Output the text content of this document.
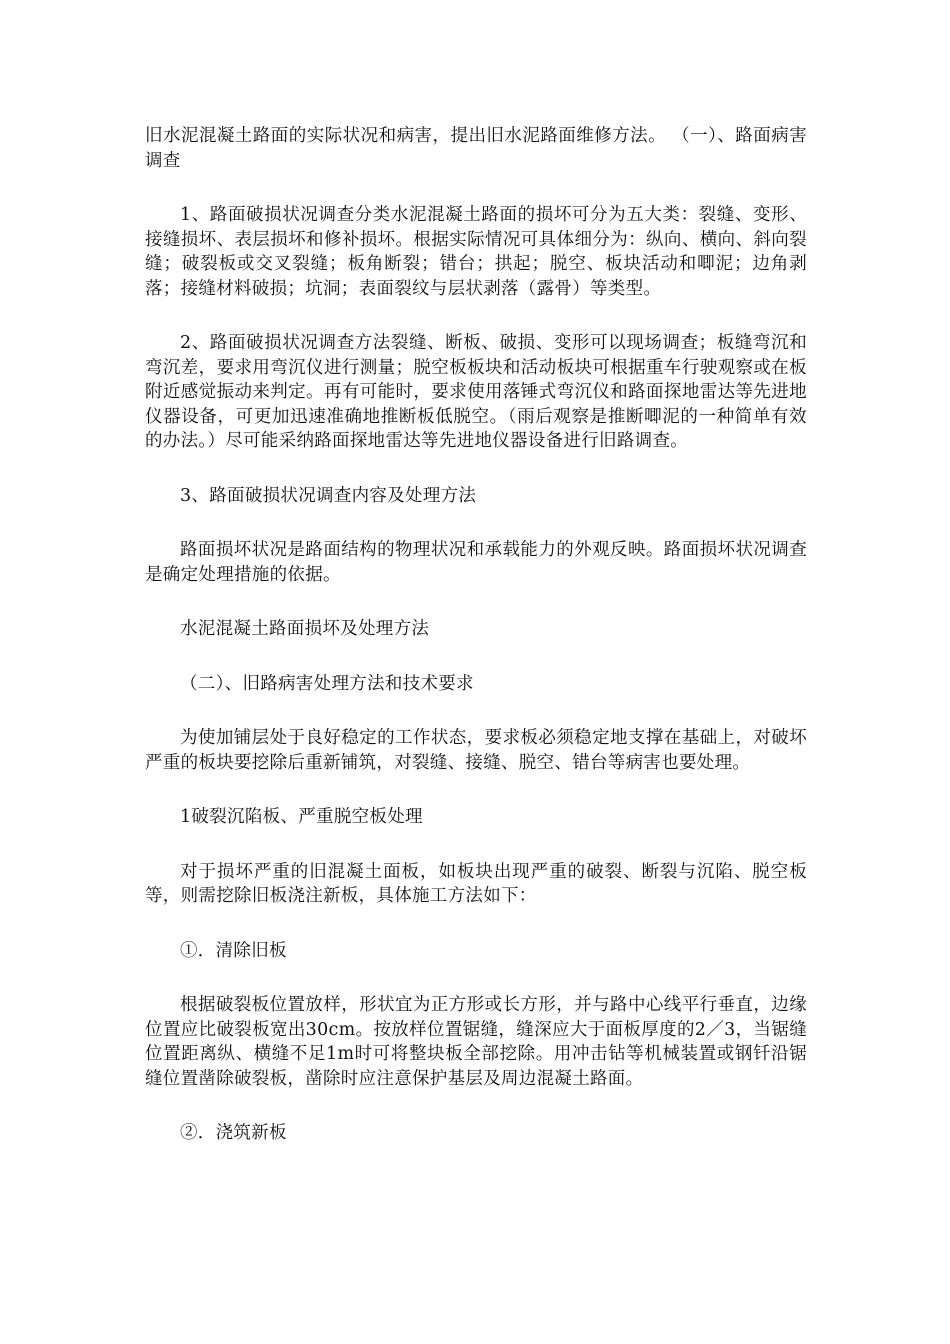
旧水泥混凝土路面的实际状况和病害，提出旧水泥路面维修方法。 （一）、路面病害调查

1、路面破损状况调查分类水泥混凝土路面的损坏可分为五大类：裂缝、变形、接缝损坏、表层损坏和修补损坏。根据实际情况可具体细分为：纵向、横向、斜向裂缝；破裂板或交叉裂缝；板角断裂；错台；拱起；脱空、板块活动和唧泥；边角剥落；接缝材料破损；坑洞；表面裂纹与层状剥落（露骨）等类型。

2、路面破损状况调查方法裂缝、断板、破损、变形可以现场调查；板缝弯沉和弯沉差，要求用弯沉仪进行测量；脱空板板块和活动板块可根据重车行驶观察或在板附近感觉振动来判定。再有可能时，要求使用落锤式弯沉仪和路面探地雷达等先进地仪器设备，可更加迅速准确地推断板低脱空。（雨后观察是推断唧泥的一种简单有效的办法。）尽可能采纳路面探地雷达等先进地仪器设备进行旧路调查。

3、路面破损状况调查内容及处理方法

路面损坏状况是路面结构的物理状况和承载能力的外观反映。路面损坏状况调查是确定处理措施的依据。

水泥混凝土路面损坏及处理方法

（二）、旧路病害处理方法和技术要求

为使加铺层处于良好稳定的工作状态，要求板必须稳定地支撑在基础上，对破坏严重的板块要挖除后重新铺筑，对裂缝、接缝、脱空、错台等病害也要处理。

1破裂沉陷板、严重脱空板处理

对于损坏严重的旧混凝土面板，如板块出现严重的破裂、断裂与沉陷、脱空板等，则需挖除旧板浇注新板，具体施工方法如下：

①．清除旧板

根据破裂板位置放样，形状宜为正方形或长方形，并与路中心线平行垂直，边缘位置应比破裂板宽出30cm。按放样位置锯缝，缝深应大于面板厚度的2／3，当锯缝位置距离纵、横缝不足1m时可将整块板全部挖除。用冲击钻等机械装置或钢钎沿锯缝位置凿除破裂板，凿除时应注意保护基层及周边混凝土路面。

②．浇筑新板
